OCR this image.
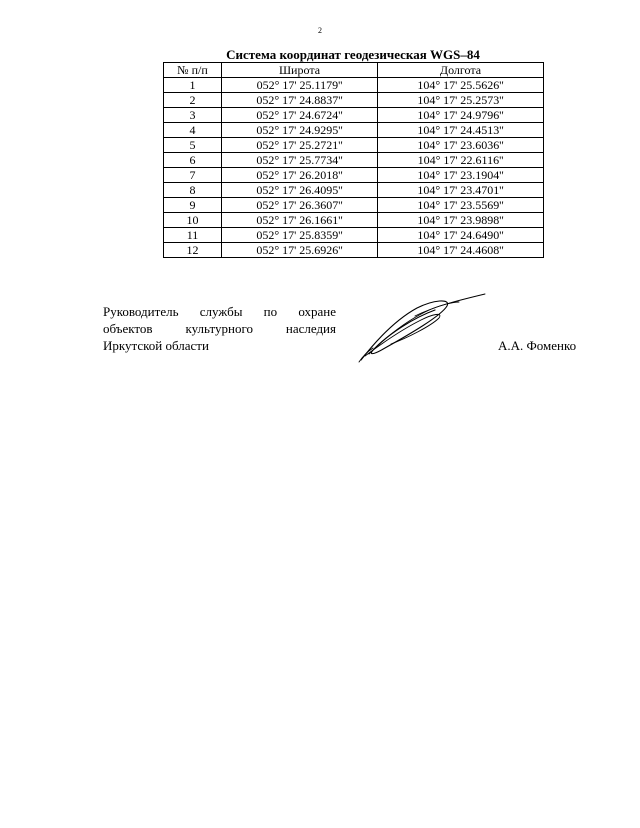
2
Система координат геодезическая WGS–84
№ п/п	Широта	Долгота
1	052° 17' 25.1179''	104° 17' 25.5626''
2	052° 17' 24.8837''	104° 17' 25.2573''
3	052° 17' 24.6724''	104° 17' 24.9796''
4	052° 17' 24.9295''	104° 17' 24.4513''
5	052° 17' 25.2721''	104° 17' 23.6036''
6	052° 17' 25.7734''	104° 17' 22.6116''
7	052° 17' 26.2018''	104° 17' 23.1904''
8	052° 17' 26.4095''	104° 17' 23.4701''
9	052° 17' 26.3607''	104° 17' 23.5569''
10	052° 17' 26.1661''	104° 17' 23.9898''
11	052° 17' 25.8359''	104° 17' 24.6490''
12	052° 17' 25.6926''	104° 17' 24.4608''
Руководитель службы по охране
объектов культурного наследия
Иркутской области	А.А. Фоменко
